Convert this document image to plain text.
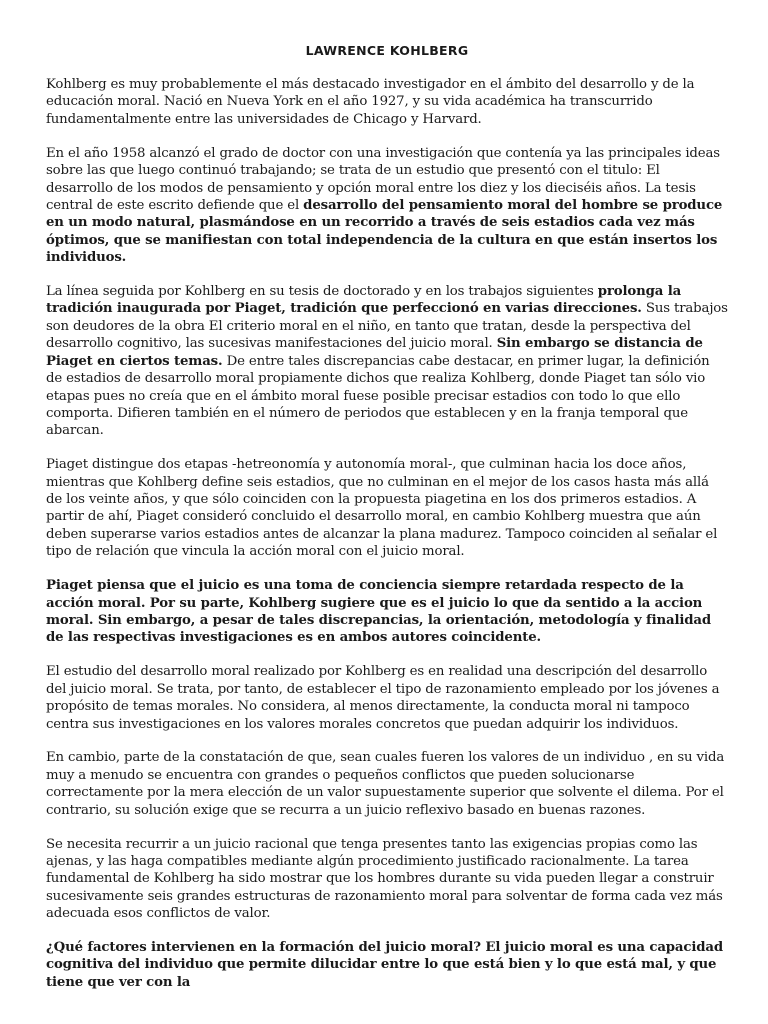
LAWRENCE KOHLBERG

Kohlberg es muy probablemente el más destacado investigador en el ámbito del desarrollo y de la educación moral. Nació en Nueva York en el año 1927, y su vida académica ha transcurrido fundamentalmente entre las universidades de Chicago y Harvard.

En el año 1958 alcanzó el grado de doctor con una investigación que contenía ya las principales ideas sobre las que luego continuó trabajando; se trata de un estudio que presentó con el titulo: El desarrollo de los modos de pensamiento y opción moral entre los diez y los dieciséis años. La tesis central de este escrito defiende que el desarrollo del pensamiento moral del hombre se produce en un modo natural, plasmándose en un recorrido a través de seis estadios cada vez más óptimos, que se manifiestan con total independencia de la cultura en que están insertos los individuos.

La línea seguida por Kohlberg en su tesis de doctorado y en los trabajos siguientes prolonga la tradición inaugurada por Piaget, tradición que perfeccionó en varias direcciones. Sus trabajos son deudores de la obra El criterio moral en el niño, en tanto que tratan, desde la perspectiva del desarrollo cognitivo, las sucesivas manifestaciones del juicio moral. Sin embargo se distancia de Piaget en ciertos temas. De entre tales discrepancias cabe destacar, en primer lugar, la definición de estadios de desarrollo moral propiamente dichos que realiza Kohlberg, donde Piaget tan sólo vio etapas pues no creía que en el ámbito moral fuese posible precisar estadios con todo lo que ello comporta. Difieren también en el número de periodos que establecen y en la franja temporal que abarcan.

Piaget distingue dos etapas -hetreonomía y autonomía moral-, que culminan hacia los doce años, mientras que Kohlberg define seis estadios, que no culminan en el mejor de los casos hasta más allá de los veinte años, y que sólo coinciden con la propuesta piagetina en los dos primeros estadios. A partir de ahí, Piaget consideró concluido el desarrollo moral, en cambio Kohlberg muestra que aún deben superarse varios estadios antes de alcanzar la plana madurez. Tampoco coinciden al señalar el tipo de relación que vincula la acción moral con el juicio moral.

Piaget piensa que el juicio es una toma de conciencia siempre retardada respecto de la acción moral. Por su parte, Kohlberg sugiere que es el juicio lo que da sentido a la accion moral. Sin embargo, a pesar de tales discrepancias, la orientación, metodología y finalidad de las respectivas investigaciones es en ambos autores coincidente.

El estudio del desarrollo moral realizado por Kohlberg es en realidad una descripción del desarrollo del juicio moral. Se trata, por tanto, de establecer el tipo de razonamiento empleado por los jóvenes a propósito de temas morales. No considera, al menos directamente, la conducta moral ni tampoco centra sus investigaciones en los valores morales concretos que puedan adquirir los individuos.

En cambio, parte de la constatación de que, sean cuales fueren los valores de un individuo , en su vida muy a menudo se encuentra con grandes o pequeños conflictos que pueden solucionarse correctamente por la mera elección de un valor supuestamente superior que solvente el dilema. Por el contrario, su solución exige que se recurra a un juicio reflexivo basado en buenas razones.

Se necesita recurrir a un juicio racional que tenga presentes tanto las exigencias propias como las ajenas, y las haga compatibles mediante algún procedimiento justificado racionalmente. La tarea fundamental de Kohlberg ha sido mostrar que los hombres durante su vida pueden llegar a construir sucesivamente seis grandes estructuras de razonamiento moral para solventar de forma cada vez más adecuada esos conflictos de valor.

¿Qué factores intervienen en la formación del juicio moral? El juicio moral es una capacidad cognitiva del individuo que permite dilucidar entre lo que está bien y lo que está mal, y que tiene que ver con la
